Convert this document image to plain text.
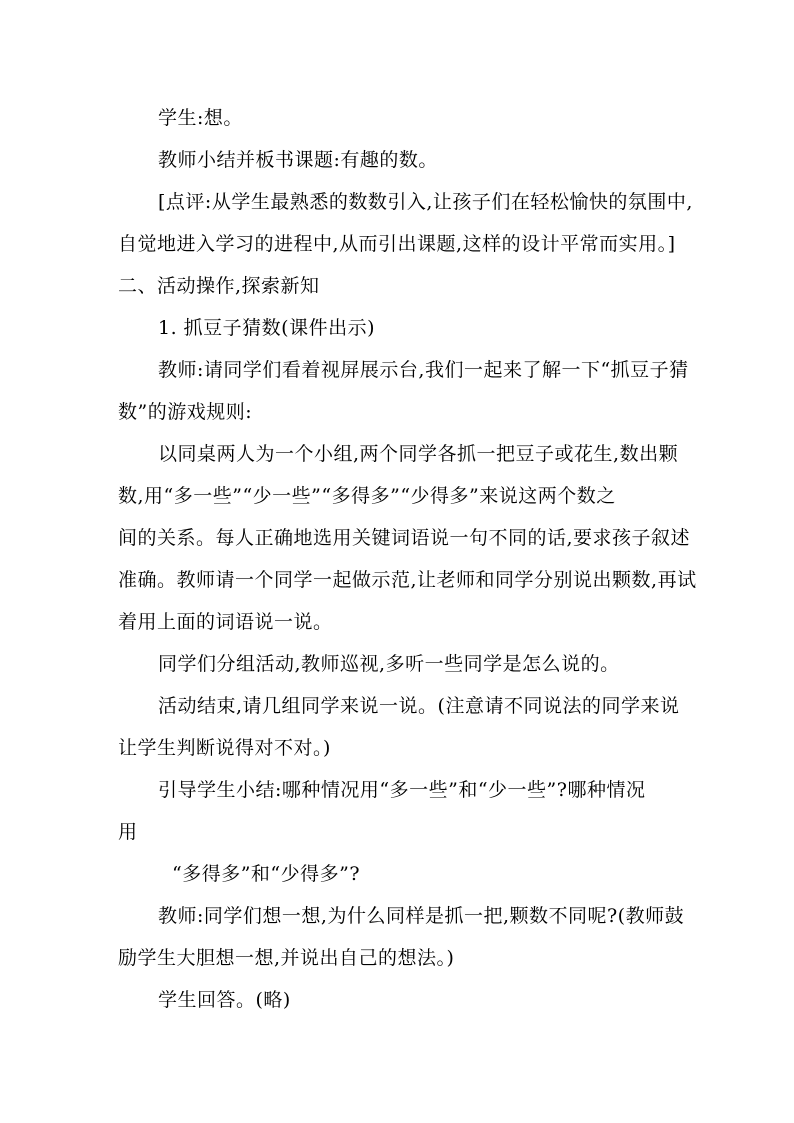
学生:想。
教师小结并板书课题:有趣的数。
[点评:从学生最熟悉的数数引入,让孩子们在轻松愉快的氛围中,
自觉地进入学习的进程中,从而引出课题,这样的设计平常而实用。]
二、活动操作,探索新知
1. 抓豆子猜数(课件出示)
教师:请同学们看着视屏展示台,我们一起来了解一下“抓豆子猜
数”的游戏规则:
以同桌两人为一个小组,两个同学各抓一把豆子或花生,数出颗
数,用“多一些”“少一些”“多得多”“少得多”来说这两个数之
间的关系。每人正确地选用关键词语说一句不同的话,要求孩子叙述
准确。教师请一个同学一起做示范,让老师和同学分别说出颗数,再试
着用上面的词语说一说。
同学们分组活动,教师巡视,多听一些同学是怎么说的。
活动结束,请几组同学来说一说。(注意请不同说法的同学来说
让学生判断说得对不对。)
引导学生小结:哪种情况用“多一些”和“少一些”?哪种情况
用
“多得多”和“少得多”?
教师:同学们想一想,为什么同样是抓一把,颗数不同呢?(教师鼓
励学生大胆想一想,并说出自己的想法。)
学生回答。(略)
